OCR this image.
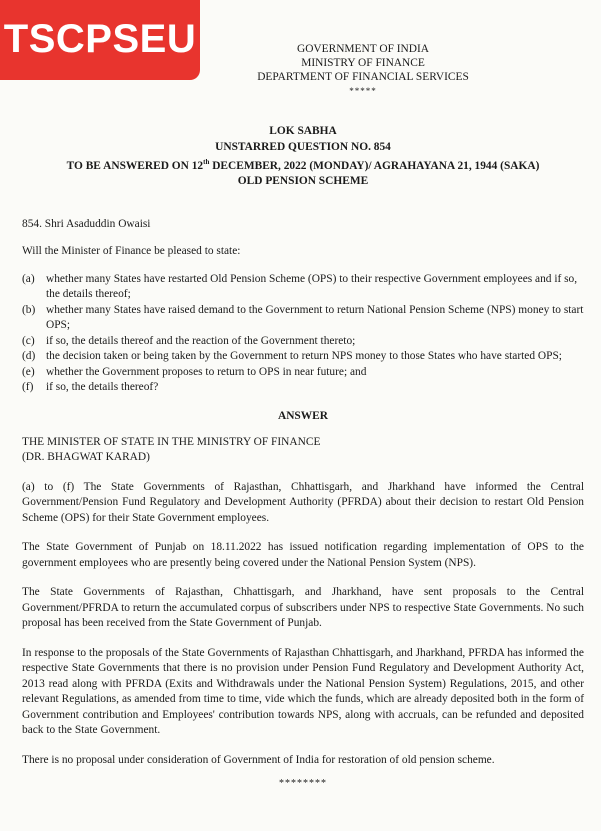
TSCPSEU	GOVERNMENT OF INDIA
MINISTRY OF FINANCE
DEPARTMENT OF FINANCIAL SERVICES
*****
LOK SABHA
UNSTARRED QUESTION NO. 854
TO BE ANSWERED ON 12th DECEMBER, 2022 (MONDAY)/ AGRAHAYANA 21, 1944 (SAKA)
OLD PENSION SCHEME

854. Shri Asaduddin Owaisi

Will the Minister of Finance be pleased to state:

(a) whether many States have restarted Old Pension Scheme (OPS) to their respective Government employees and if so, the details thereof;
(b) whether many States have raised demand to the Government to return National Pension Scheme (NPS) money to start OPS;
(c) if so, the details thereof and the reaction of the Government thereto;
(d) the decision taken or being taken by the Government to return NPS money to those States who have started OPS;
(e) whether the Government proposes to return to OPS in near future; and
(f)	if so, the details thereof?
ANSWER
THE MINISTER OF STATE IN THE MINISTRY OF FINANCE
(DR. BHAGWAT KARAD)

(a) to (f) The State Governments of Rajasthan, Chhattisgarh, and Jharkhand have informed the Central Government/Pension Fund Regulatory and Development Authority (PFRDA) about their decision to restart Old Pension Scheme (OPS) for their State Government employees.

The State Government of Punjab on 18.11.2022 has issued notification regarding implementation of OPS to the government employees who are presently being covered under the National Pension System (NPS).

The State Governments of Rajasthan, Chhattisgarh, and Jharkhand, have sent proposals to the Central Government/PFRDA to return the accumulated corpus of subscribers under NPS to respective State Governments. No such proposal has been received from the State Government of Punjab.

In response to the proposals of the State Governments of Rajasthan Chhattisgarh, and Jharkhand, PFRDA has informed the respective State Governments that there is no provision under Pension Fund Regulatory and Development Authority Act, 2013 read along with PFRDA (Exits and Withdrawals under the National Pension System) Regulations, 2015, and other relevant Regulations, as amended from time to time, vide which the funds, which are already deposited both in the form of Government contribution and Employees' contribution towards NPS, along with accruals, can be refunded and deposited back to the State Government.

There is no proposal under consideration of Government of India for restoration of old pension scheme.

********
